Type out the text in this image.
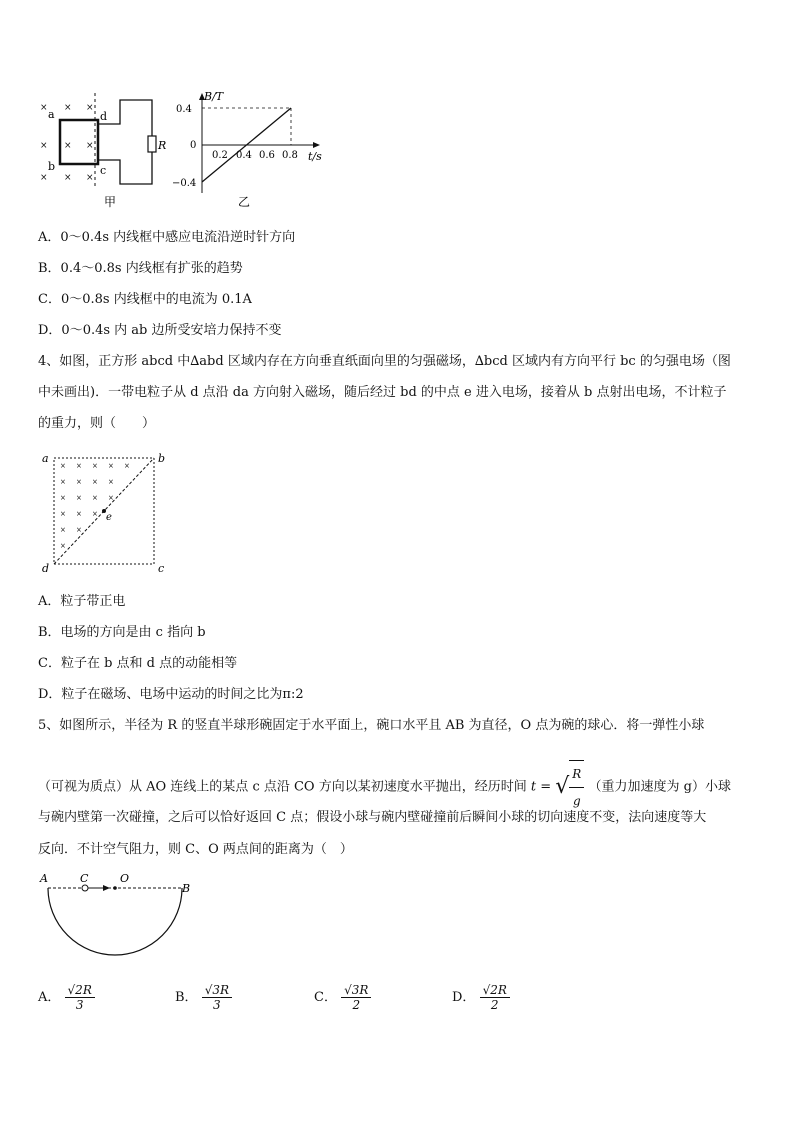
× × ×
× × ×
× × ×
a
b
d
c
R
甲
B/T
t/s
0.4
0
−0.4
0.2 0.4 0.6 0.8
乙
A．0～0.4s 内线框中感应电流沿逆时针方向
B．0.4～0.8s 内线框有扩张的趋势
C．0～0.8s 内线框中的电流为 0.1A
D．0～0.4s 内 ab 边所受安培力保持不变
4、如图，正方形 abcd 中∆abd 区域内存在方向垂直纸面向里的匀强磁场，∆bcd 区域内有方向平行 bc 的匀强电场（图
中未画出)．一带电粒子从 d 点沿 da 方向射入磁场，随后经过 bd 的中点 e 进入电场，接着从 b 点射出电场，不计粒子
的重力，则（　　）
× × × × ×
× × × ×
× × × ×
× × ×
× ×
×
a	b
c
d
e
A．粒子带正电
B．电场的方向是由 c 指向 b
C．粒子在 b 点和 d 点的动能相等
D．粒子在磁场、电场中运动的时间之比为π:2
5、如图所示，半径为 R 的竖直半球形碗固定于水平面上，碗口水平且 AB 为直径，O 点为碗的球心．将一弹性小球
（可视为质点）从 AO 连线上的某点 c 点沿 CO 方向以某初速度水平抛出，经历时间 t = √ $\frac{R}{g}$ （重力加速度为 g）小球
与碗内壁第一次碰撞，之后可以恰好返回 C 点；假设小球与碗内壁碰撞前后瞬间小球的切向速度不变，法向速度等大
反向．不计空气阻力，则 C、O 两点间的距离为（　）
A
B
C	O
A． $\frac{√2R}{3}$	B． $\frac{√3R}{3}$	C． $\frac{√3R}{2}$	D． $\frac{√2R}{2}$
